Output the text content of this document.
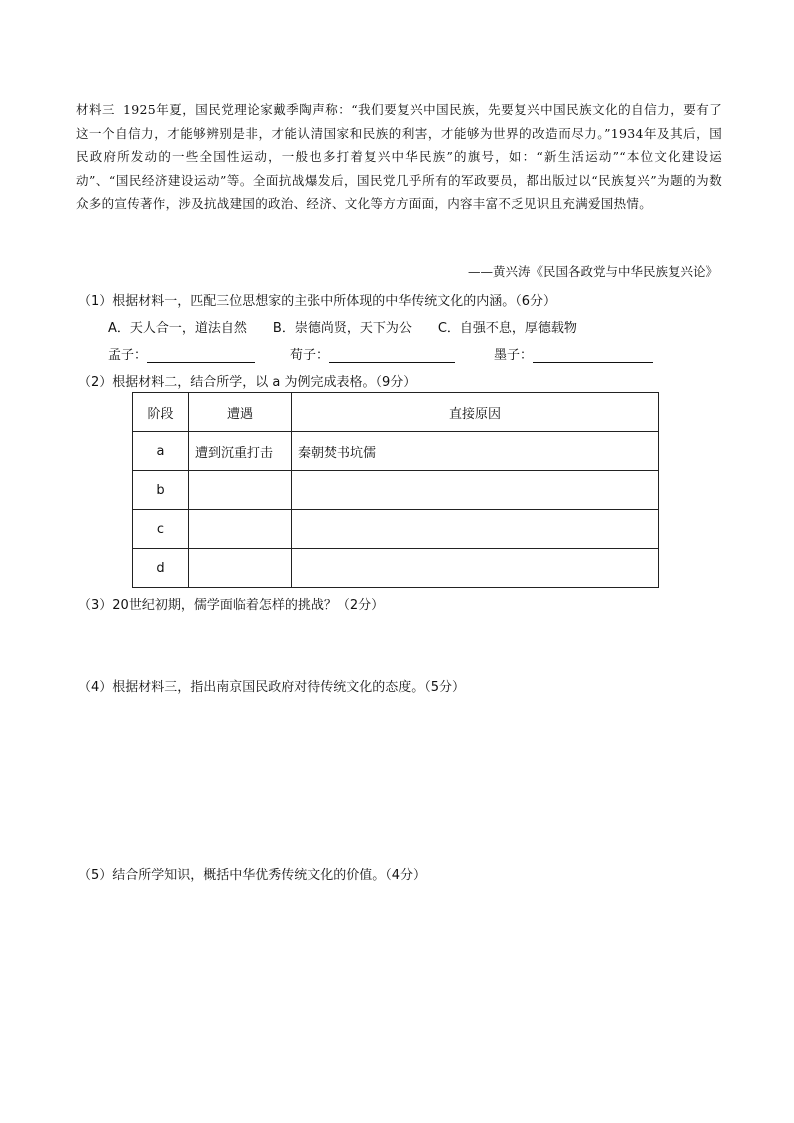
材料三 1925年夏，国民党理论家戴季陶声称：“我们要复兴中国民族，先要复兴中国民族文化的自信力，要有了这一个自信力，才能够辨别是非，才能认清国家和民族的利害，才能够为世界的改造而尽力。”1934年及其后，国民政府所发动的一些全国性运动，一般也多打着复兴中华民族”的旗号，如：“新生活运动”“本位文化建设运动”、“国民经济建设运动”等。全面抗战爆发后，国民党几乎所有的军政要员，都出版过以“民族复兴”为题的为数众多的宣传著作，涉及抗战建国的政治、经济、文化等方方面面，内容丰富不乏见识且充满爱国热情。
——黄兴涛《民国各政党与中华民族复兴论》
（1）根据材料一，匹配三位思想家的主张中所体现的中华传统文化的内涵。（6分）
A．天人合一，道法自然 B．崇德尚贤，天下为公 C．自强不息，厚德载物
孟子：	荀子：	墨子：
（2）根据材料二，结合所学，以 a 为例完成表格。（9分）
阶段	遭遇	直接原因
a	遭到沉重打击	秦朝焚书坑儒
b		
c		
d		
（3）20世纪初期，儒学面临着怎样的挑战？（2分）
（4）根据材料三，指出南京国民政府对待传统文化的态度。（5分）
（5）结合所学知识，概括中华优秀传统文化的价值。（4分）
